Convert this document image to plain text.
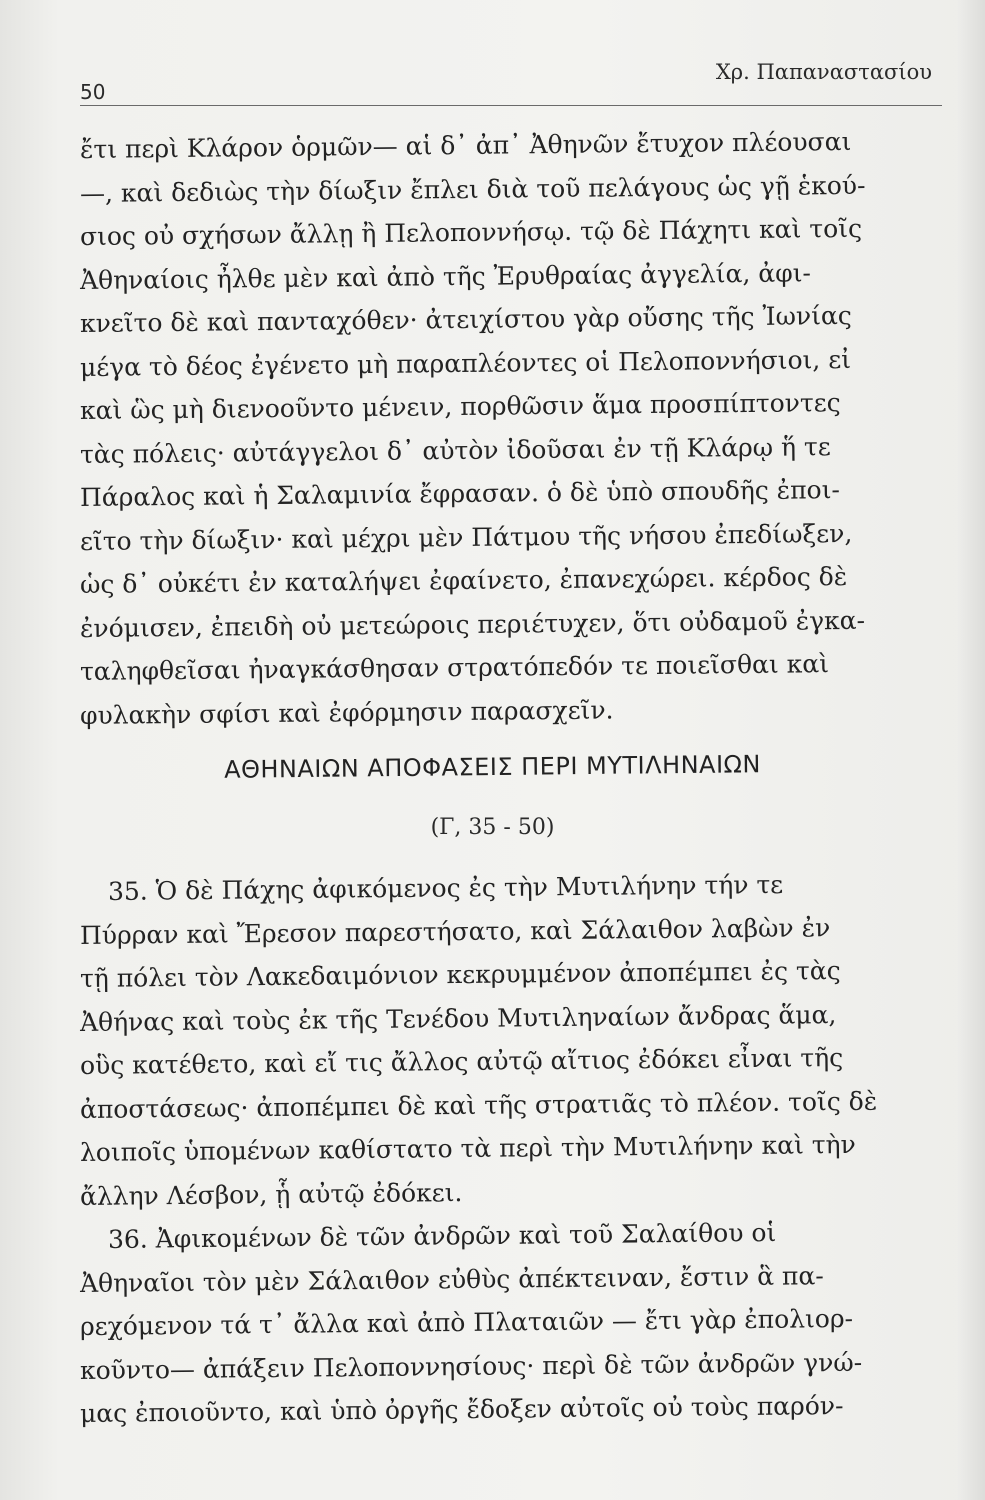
50
Χρ. Παπαναστασίου
ἔτι περὶ Κλάρον ὁρμῶν— αἱ δ᾽ ἀπ᾽ Ἀθηνῶν ἔτυχον πλέουσαι
—, καὶ δεδιὼς τὴν δίωξιν ἔπλει διὰ τοῦ πελάγους ὡς γῇ ἑκού-
σιος οὐ σχήσων ἄλλῃ ἢ Πελοποννήσῳ. τῷ δὲ Πάχητι καὶ τοῖς
Ἀθηναίοις ἦλθε μὲν καὶ ἀπὸ τῆς Ἐρυθραίας ἀγγελία, ἀφι-
κνεῖτο δὲ καὶ πανταχόθεν· ἀτειχίστου γὰρ οὔσης τῆς Ἰωνίας
μέγα τὸ δέος ἐγένετο μὴ παραπλέοντες οἱ Πελοποννήσιοι, εἰ
καὶ ὣς μὴ διενοοῦντο μένειν, πορθῶσιν ἅμα προσπίπτοντες
τὰς πόλεις· αὐτάγγελοι δ᾽ αὐτὸν ἰδοῦσαι ἐν τῇ Κλάρῳ ἥ τε
Πάραλος καὶ ἡ Σαλαμινία ἔφρασαν. ὁ δὲ ὑπὸ σπουδῆς ἐποι-
εῖτο τὴν δίωξιν· καὶ μέχρι μὲν Πάτμου τῆς νήσου ἐπεδίωξεν,
ὡς δ᾽ οὐκέτι ἐν καταλήψει ἐφαίνετο, ἐπανεχώρει. κέρδος δὲ
ἐνόμισεν, ἐπειδὴ οὐ μετεώροις περιέτυχεν, ὅτι οὐδαμοῦ ἐγκα-
ταληφθεῖσαι ἠναγκάσθησαν στρατόπεδόν τε ποιεῖσθαι καὶ
φυλακὴν σφίσι καὶ ἐφόρμησιν παρασχεῖν.
ΑΘΗΝΑΙΩΝ ΑΠΟΦΑΣΕΙΣ ΠΕΡΙ ΜΥΤΙΛΗΝΑΙΩΝ
(Γ, 35 - 50)
35. Ὁ δὲ Πάχης ἀφικόμενος ἐς τὴν Μυτιλήνην τήν τε
Πύρραν καὶ Ἔρεσον παρεστήσατο, καὶ Σάλαιθον λαβὼν ἐν
τῇ πόλει τὸν Λακεδαιμόνιον κεκρυμμένον ἀποπέμπει ἐς τὰς
Ἀθήνας καὶ τοὺς ἐκ τῆς Τενέδου Μυτιληναίων ἄνδρας ἅμα,
οὓς κατέθετο, καὶ εἴ τις ἄλλος αὐτῷ αἴτιος ἐδόκει εἶναι τῆς
ἀποστάσεως· ἀποπέμπει δὲ καὶ τῆς στρατιᾶς τὸ πλέον. τοῖς δὲ
λοιποῖς ὑπομένων καθίστατο τὰ περὶ τὴν Μυτιλήνην καὶ τὴν
ἄλλην Λέσβον, ᾗ αὐτῷ ἐδόκει.
36. Ἀφικομένων δὲ τῶν ἀνδρῶν καὶ τοῦ Σαλαίθου οἱ
Ἀθηναῖοι τὸν μὲν Σάλαιθον εὐθὺς ἀπέκτειναν, ἔστιν ἃ πα-
ρεχόμενον τά τ᾽ ἄλλα καὶ ἀπὸ Πλαταιῶν — ἔτι γὰρ ἐπολιορ-
κοῦντο— ἀπάξειν Πελοποννησίους· περὶ δὲ τῶν ἀνδρῶν γνώ-
μας ἐποιοῦντο, καὶ ὑπὸ ὀργῆς ἔδοξεν αὐτοῖς οὐ τοὺς παρόν-
